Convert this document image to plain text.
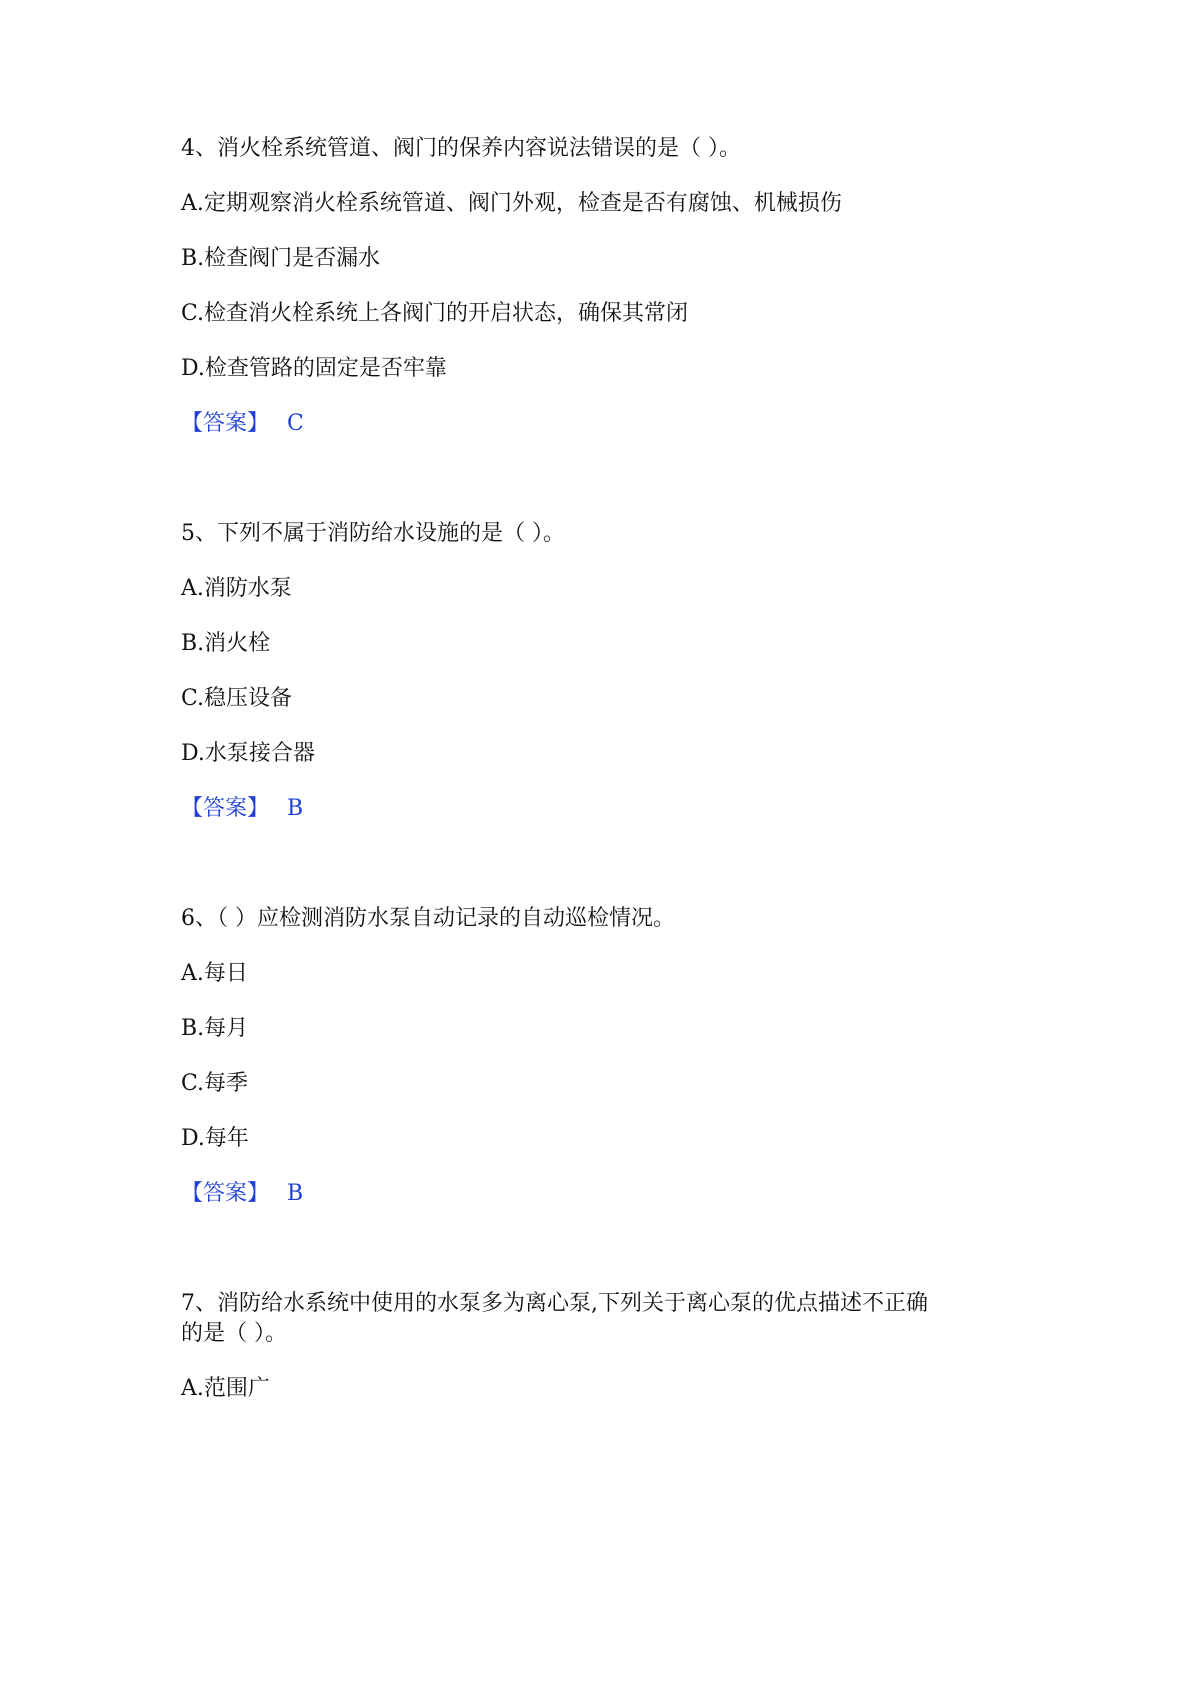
4、消火栓系统管道、阀门的保养内容说法错误的是（ ）。
A.定期观察消火栓系统管道、阀门外观，检查是否有腐蚀、机械损伤
B.检查阀门是否漏水
C.检查消火栓系统上各阀门的开启状态，确保其常闭
D.检查管路的固定是否牢靠
【答案】 C
5、下列不属于消防给水设施的是（ ）。
A.消防水泵
B.消火栓
C.稳压设备
D.水泵接合器
【答案】 B
6、（ ）应检测消防水泵自动记录的自动巡检情况。
A.每日
B.每月
C.每季
D.每年
【答案】 B
7、消防给水系统中使用的水泵多为离心泵,下列关于离心泵的优点描述不正确
的是（ ）。
A.范围广
